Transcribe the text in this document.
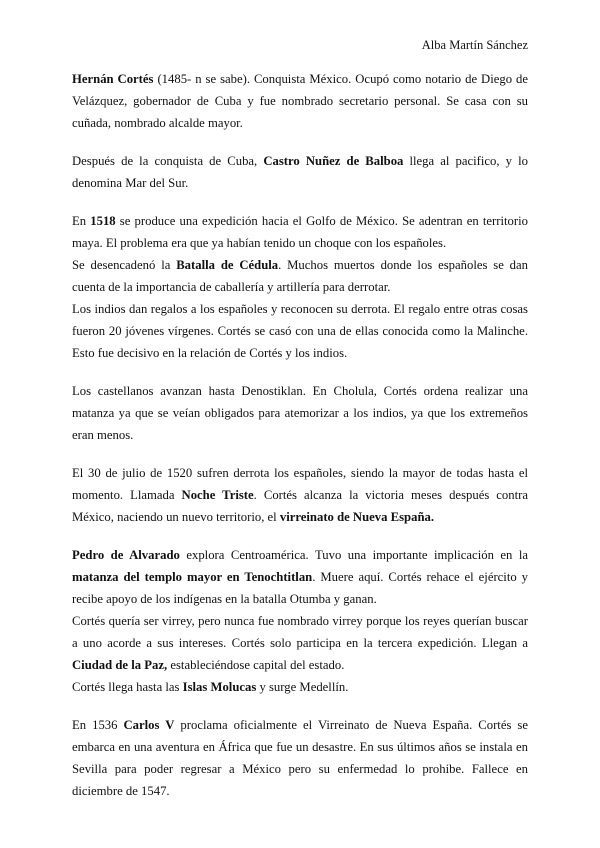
Alba Martín Sánchez

Hernán Cortés (1485- n se sabe). Conquista México. Ocupó como notario de Diego de Velázquez, gobernador de Cuba y fue nombrado secretario personal. Se casa con su cuñada, nombrado alcalde mayor.

Después de la conquista de Cuba, Castro Nuñez de Balboa llega al pacifico, y lo denomina Mar del Sur.

En 1518 se produce una expedición hacia el Golfo de México. Se adentran en territorio maya. El problema era que ya habían tenido un choque con los españoles.

Se desencadenó la Batalla de Cédula. Muchos muertos donde los españoles se dan cuenta de la importancia de caballería y artillería para derrotar.

Los indios dan regalos a los españoles y reconocen su derrota. El regalo entre otras cosas fueron 20 jóvenes vírgenes. Cortés se casó con una de ellas conocida como la Malinche. Esto fue decisivo en la relación de Cortés y los indios.

Los castellanos avanzan hasta Denostiklan. En Cholula, Cortés ordena realizar una matanza ya que se veían obligados para atemorizar a los indios, ya que los extremeños eran menos.

El 30 de julio de 1520 sufren derrota los españoles, siendo la mayor de todas hasta el momento. Llamada Noche Triste. Cortés alcanza la victoria meses después contra México, naciendo un nuevo territorio, el virreinato de Nueva España.

Pedro de Alvarado explora Centroamérica. Tuvo una importante implicación en la matanza del templo mayor en Tenochtitlan. Muere aquí. Cortés rehace el ejército y recibe apoyo de los indígenas en la batalla Otumba y ganan.

Cortés quería ser virrey, pero nunca fue nombrado virrey porque los reyes querían buscar a uno acorde a sus intereses. Cortés solo participa en la tercera expedición. Llegan a Ciudad de la Paz, estableciéndose capital del estado.

Cortés llega hasta las Islas Molucas y surge Medellín.

En 1536 Carlos V proclama oficialmente el Virreinato de Nueva España. Cortés se embarca en una aventura en África que fue un desastre. En sus últimos años se instala en Sevilla para poder regresar a México pero su enfermedad lo prohibe. Fallece en diciembre de 1547.
